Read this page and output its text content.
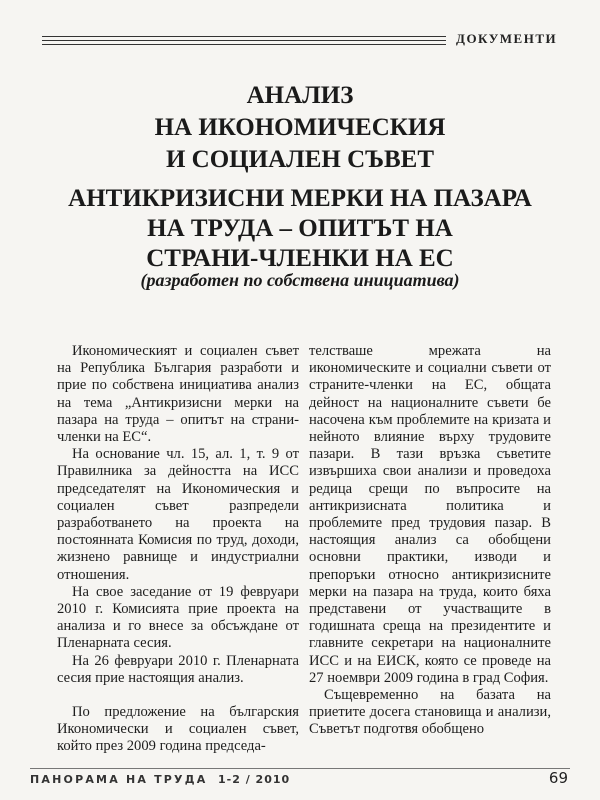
ДОКУМЕНТИ
АНАЛИЗ
НА ИКОНОМИЧЕСКИЯ
И СОЦИАЛЕН СЪВЕТ
АНТИКРИЗИСНИ МЕРКИ НА ПАЗАРА
НА ТРУДА – ОПИТЪТ НА
СТРАНИ-ЧЛЕНКИ НА ЕС
(разработен по собствена инициатива)

Икономическият и социален съвет на Република България разработи и прие по собствена инициатива анализ на тема „Антикризисни мерки на пазара на труда – опитът на страни-членки на ЕС“.

На основание чл. 15, ал. 1, т. 9 от Правилника за дейността на ИСС председателят на Икономическия и социален съвет разпредели разработването на проекта на постоянната Комисия по труд, доходи, жизнено равнище и индустриални отношения.

На свое заседание от 19 февруари 2010 г. Комисията прие проекта на анализа и го внесе за обсъждане от Пленарната сесия.

На 26 февруари 2010 г. Пленарната сесия прие настоящия анализ.

По предложение на българския Икономически и социален съвет, който през 2009 година председа-

телстваше мрежата на икономическите и социални съвети от страните-членки на ЕС, общата дейност на националните съвети бе насочена към проблемите на кризата и нейното влияние върху трудовите пазари. В тази връзка съветите извършиха свои анализи и проведоха редица срещи по въпросите на антикризисната политика и проблемите пред трудовия пазар. В настоящия анализ са обобщени основни практики, изводи и препоръки относно антикризисните мерки на пазара на труда, които бяха представени от участващите в годишната среща на президентите и главните секретари на националните ИСС и на ЕИСК, която се проведе на 27 ноември 2009 година в град София.

Същевременно на базата на приетите досега становища и анализи, Съветът подготвя обобщено

ПАНОРАМА НА ТРУДА 1-2 / 2010	69
